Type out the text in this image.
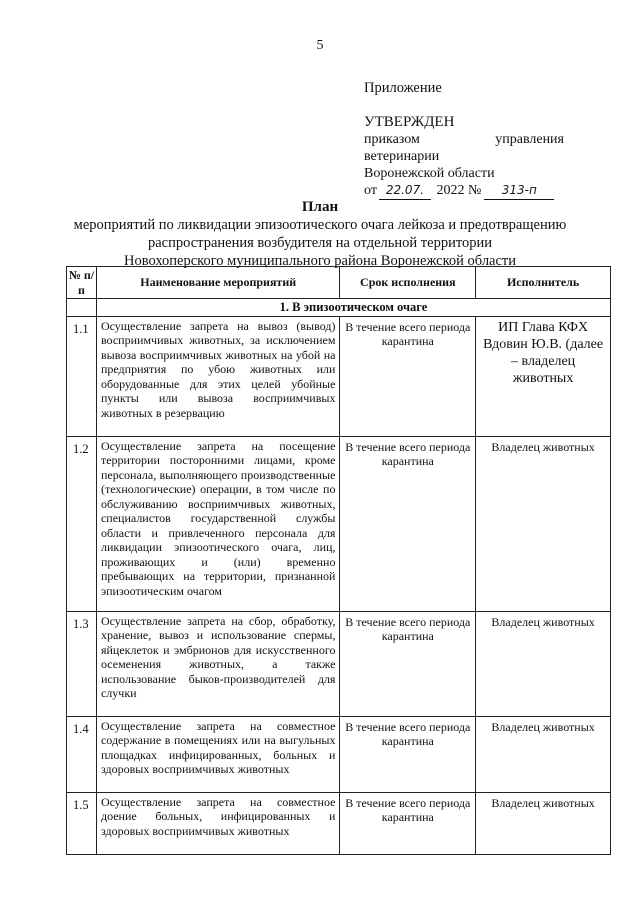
5
Приложение
УТВЕРЖДЕН
приказом управления ветеринарии
Воронежской области
от 22.07. 2022 № 313-п
План
мероприятий по ликвидации эпизоотического очага лейкоза и предотвращению
распространения возбудителя на отдельной территории
Новохоперского муниципального района Воронежской области
№ п/п	Наименование мероприятий	Срок исполнения	Исполнитель
	1. В эпизоотическом очаге		
1.1	Осуществление запрета на вывоз (вывод) восприимчивых животных, за исключением вывоза восприимчивых животных на убой на предприятия по убою животных или оборудованные для этих целей убойные пункты или вывоза восприимчивых животных в резервацию	В течение всего периода карантина	ИП Глава КФХ Вдовин Ю.В. (далее – владелец животных
1.2	Осуществление запрета на посещение территории посторонними лицами, кроме персонала, выполняющего производственные (технологические) операции, в том числе по обслуживанию восприимчивых животных, специалистов государственной службы области и привлеченного персонала для ликвидации эпизоотического очага, лиц, проживающих и (или) временно пребывающих на территории, признанной эпизоотическим очагом	В течение всего периода карантина	Владелец животных
1.3	Осуществление запрета на сбор, обработку, хранение, вывоз и использование спермы, яйцеклеток и эмбрионов для искусственного осеменения животных, а также использование быков-производителей для случки	В течение всего периода карантина	Владелец животных
1.4	Осуществление запрета на совместное содержание в помещениях или на выгульных площадках инфицированных, больных и здоровых восприимчивых животных	В течение всего периода карантина	Владелец животных
1.5	Осуществление запрета на совместное доение больных, инфицированных и здоровых восприимчивых животных	В течение всего периода карантина	Владелец животных
